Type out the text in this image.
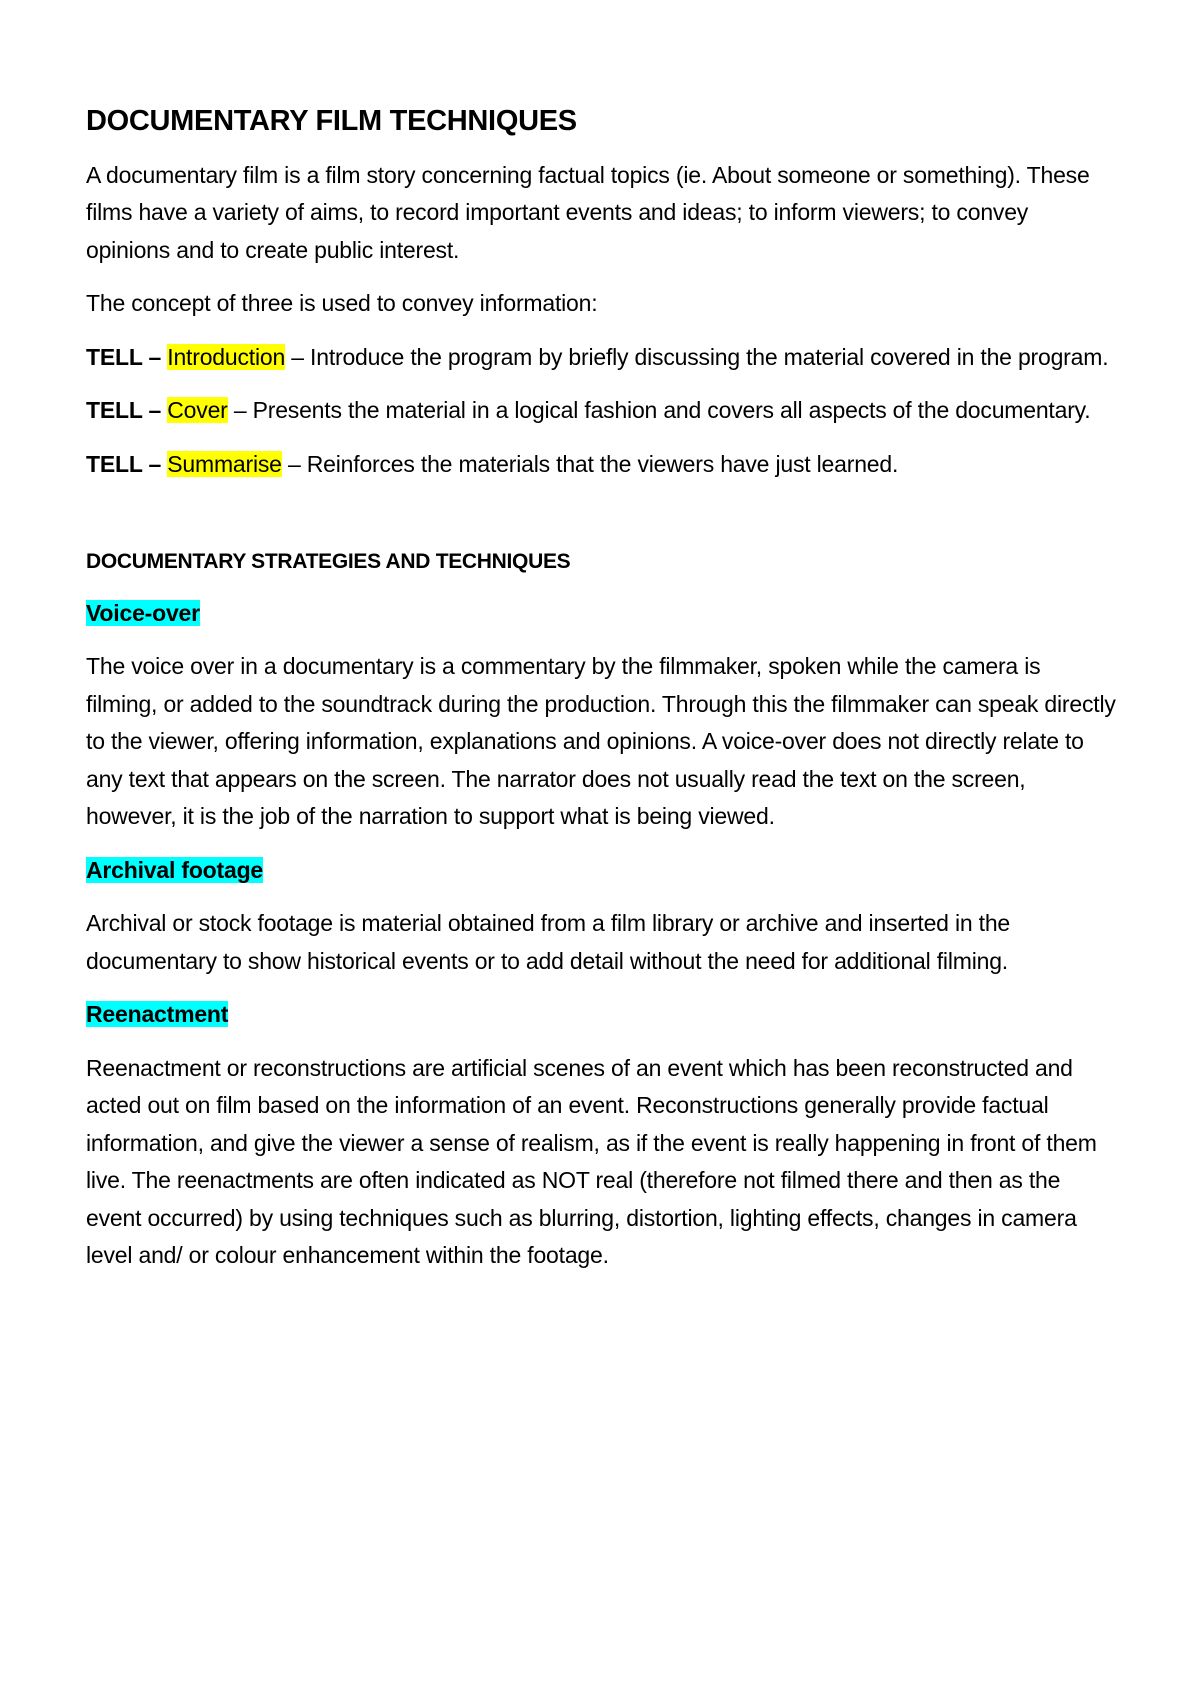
DOCUMENTARY FILM TECHNIQUES

A documentary film is a film story concerning factual topics (ie. About someone or something). These films have a variety of aims, to record important events and ideas; to inform viewers; to convey opinions and to create public interest.

The concept of three is used to convey information:

TELL – Introduction – Introduce the program by briefly discussing the material covered in the program.

TELL – Cover – Presents the material in a logical fashion and covers all aspects of the documentary.

TELL – Summarise – Reinforces the materials that the viewers have just learned.

DOCUMENTARY STRATEGIES AND TECHNIQUES
Voice-over

The voice over in a documentary is a commentary by the filmmaker, spoken while the camera is filming, or added to the soundtrack during the production. Through this the filmmaker can speak directly to the viewer, offering information, explanations and opinions. A voice-over does not directly relate to any text that appears on the screen. The narrator does not usually read the text on the screen, however, it is the job of the narration to support what is being viewed.

Archival footage

Archival or stock footage is material obtained from a film library or archive and inserted in the documentary to show historical events or to add detail without the need for additional filming.

Reenactment

Reenactment or reconstructions are artificial scenes of an event which has been reconstructed and acted out on film based on the information of an event. Reconstructions generally provide factual information, and give the viewer a sense of realism, as if the event is really happening in front of them live. The reenactments are often indicated as NOT real (therefore not filmed there and then as the event occurred) by using techniques such as blurring, distortion, lighting effects, changes in camera level and/ or colour enhancement within the footage.
